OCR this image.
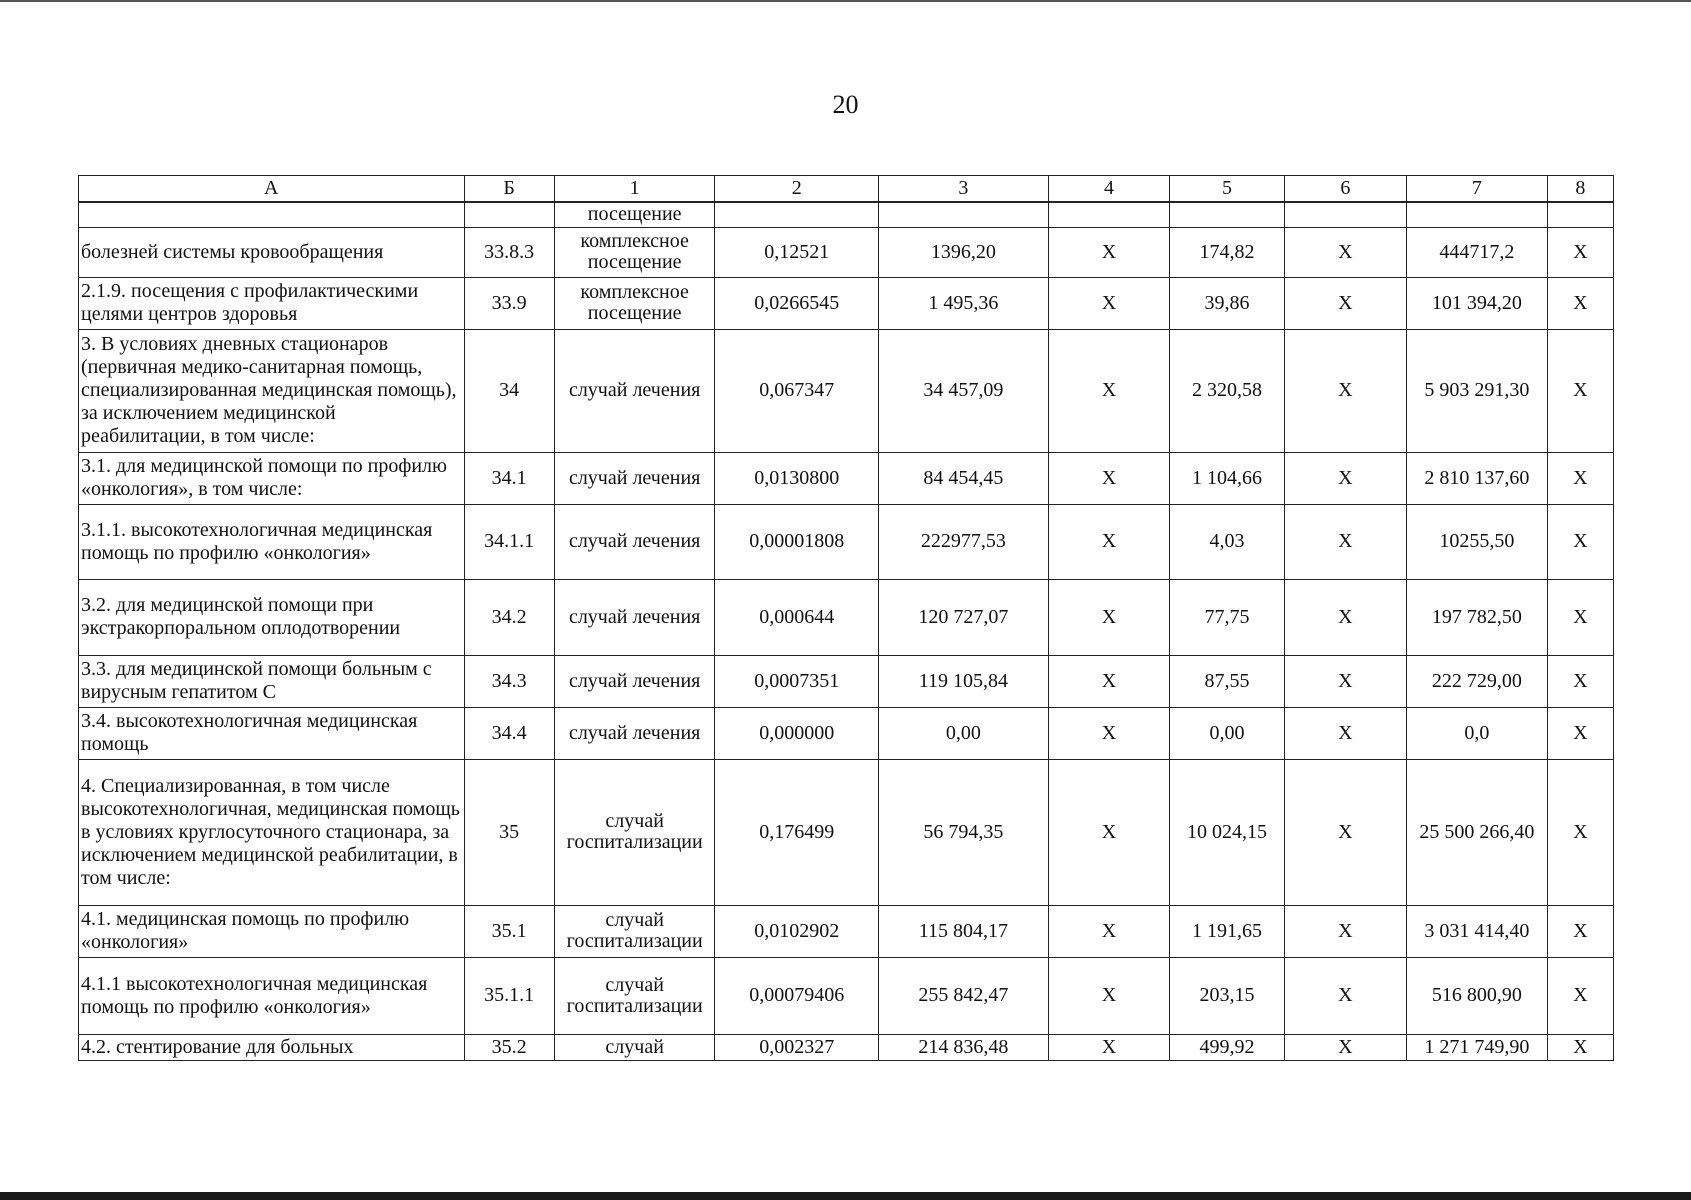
20
А	Б	1	2	3	4	5	6	7	8
		посещение							
болезней системы кровообращения	33.8.3	комплексное посещение	0,12521	1396,20	Х	174,82	Х	444717,2	Х
2.1.9. посещения с профилактическими целями центров здоровья	33.9	комплексное посещение	0,0266545	1 495,36	Х	39,86	Х	101 394,20	Х
3. В условиях дневных стационаров (первичная медико-санитарная помощь, специализированная медицинская помощь), за исключением медицинской реабилитации, в том числе:	34	случай лечения	0,067347	34 457,09	Х	2 320,58	Х	5 903 291,30	Х
3.1. для медицинской помощи по профилю «онкология», в том числе:	34.1	случай лечения	0,0130800	84 454,45	Х	1 104,66	Х	2 810 137,60	Х
3.1.1. высокотехнологичная медицинская помощь по профилю «онкология»	34.1.1	случай лечения	0,00001808	222977,53	Х	4,03	Х	10255,50	Х
3.2. для медицинской помощи при экстракорпоральном оплодотворении	34.2	случай лечения	0,000644	120 727,07	Х	77,75	Х	197 782,50	Х
3.3. для медицинской помощи больным с вирусным гепатитом С	34.3	случай лечения	0,0007351	119 105,84	Х	87,55	Х	222 729,00	Х
3.4. высокотехнологичная медицинская помощь	34.4	случай лечения	0,000000	0,00	Х	0,00	Х	0,0	Х
4. Специализированная, в том числе высокотехнологичная, медицинская помощь в условиях круглосуточного стационара, за исключением медицинской реабилитации, в том числе:	35	случай госпитализации	0,176499	56 794,35	Х	10 024,15	Х	25 500 266,40	Х
4.1. медицинская помощь по профилю «онкология»	35.1	случай госпитализации	0,0102902	115 804,17	Х	1 191,65	Х	3 031 414,40	Х
4.1.1 высокотехнологичная медицинская помощь по профилю «онкология»	35.1.1	случай госпитализации	0,00079406	255 842,47	Х	203,15	Х	516 800,90	Х
4.2. стентирование для больных	35.2	случай	0,002327	214 836,48	Х	499,92	Х	1 271 749,90	Х
